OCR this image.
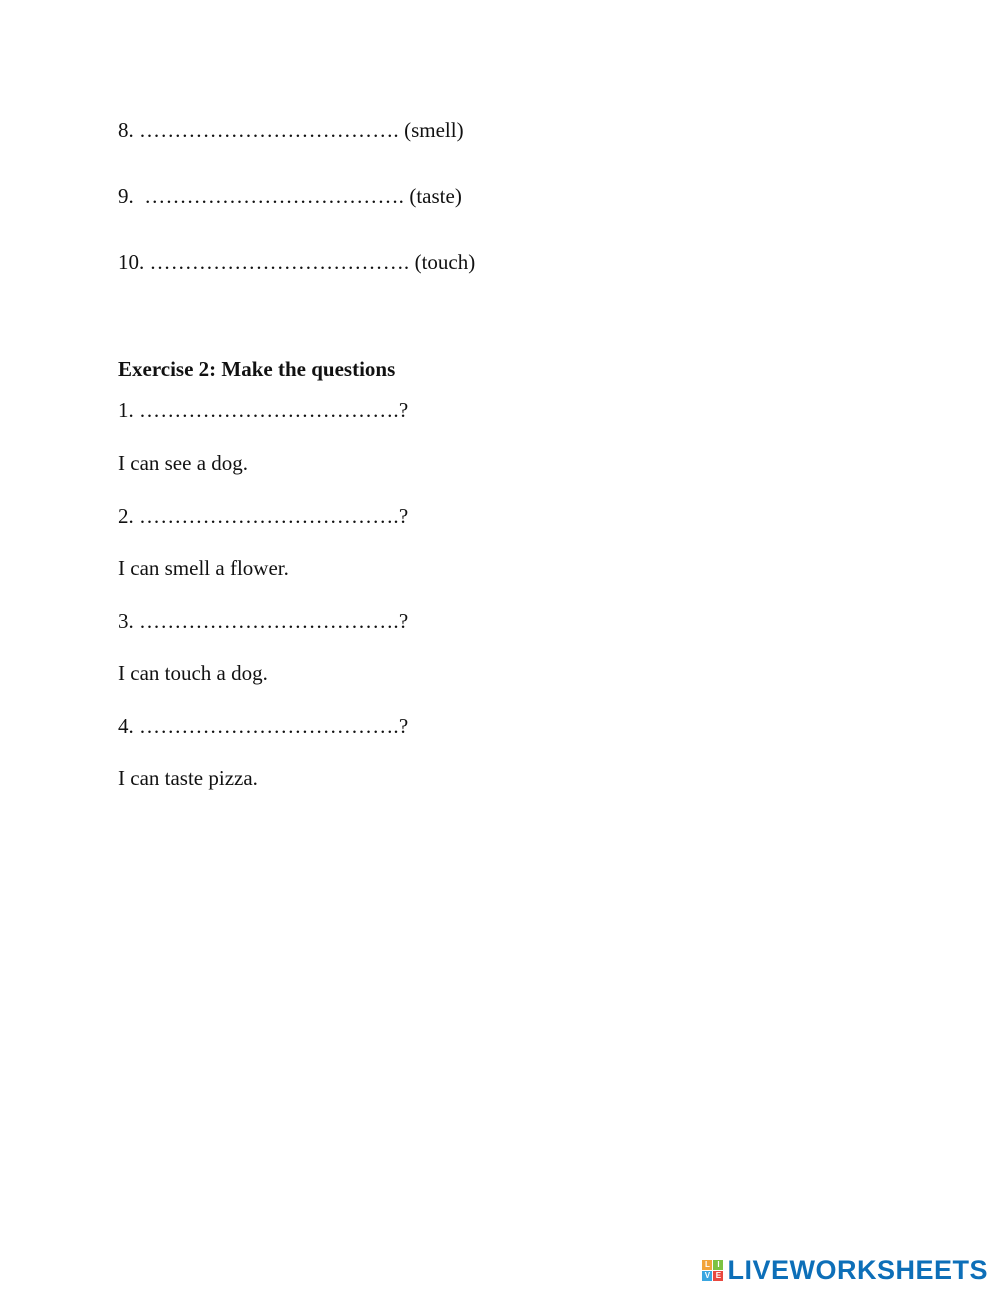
8. ………………………………. (smell)
9.  ………………………………. (taste)
10. ………………………………. (touch)
Exercise 2: Make the questions
1. ……………………………….?
I can see a dog.
2. ……………………………….?
I can smell a flower.
3. ……………………………….?
I can touch a dog.
4. ……………………………….?
I can taste pizza.
L I
V E LIVEWORKSHEETS
